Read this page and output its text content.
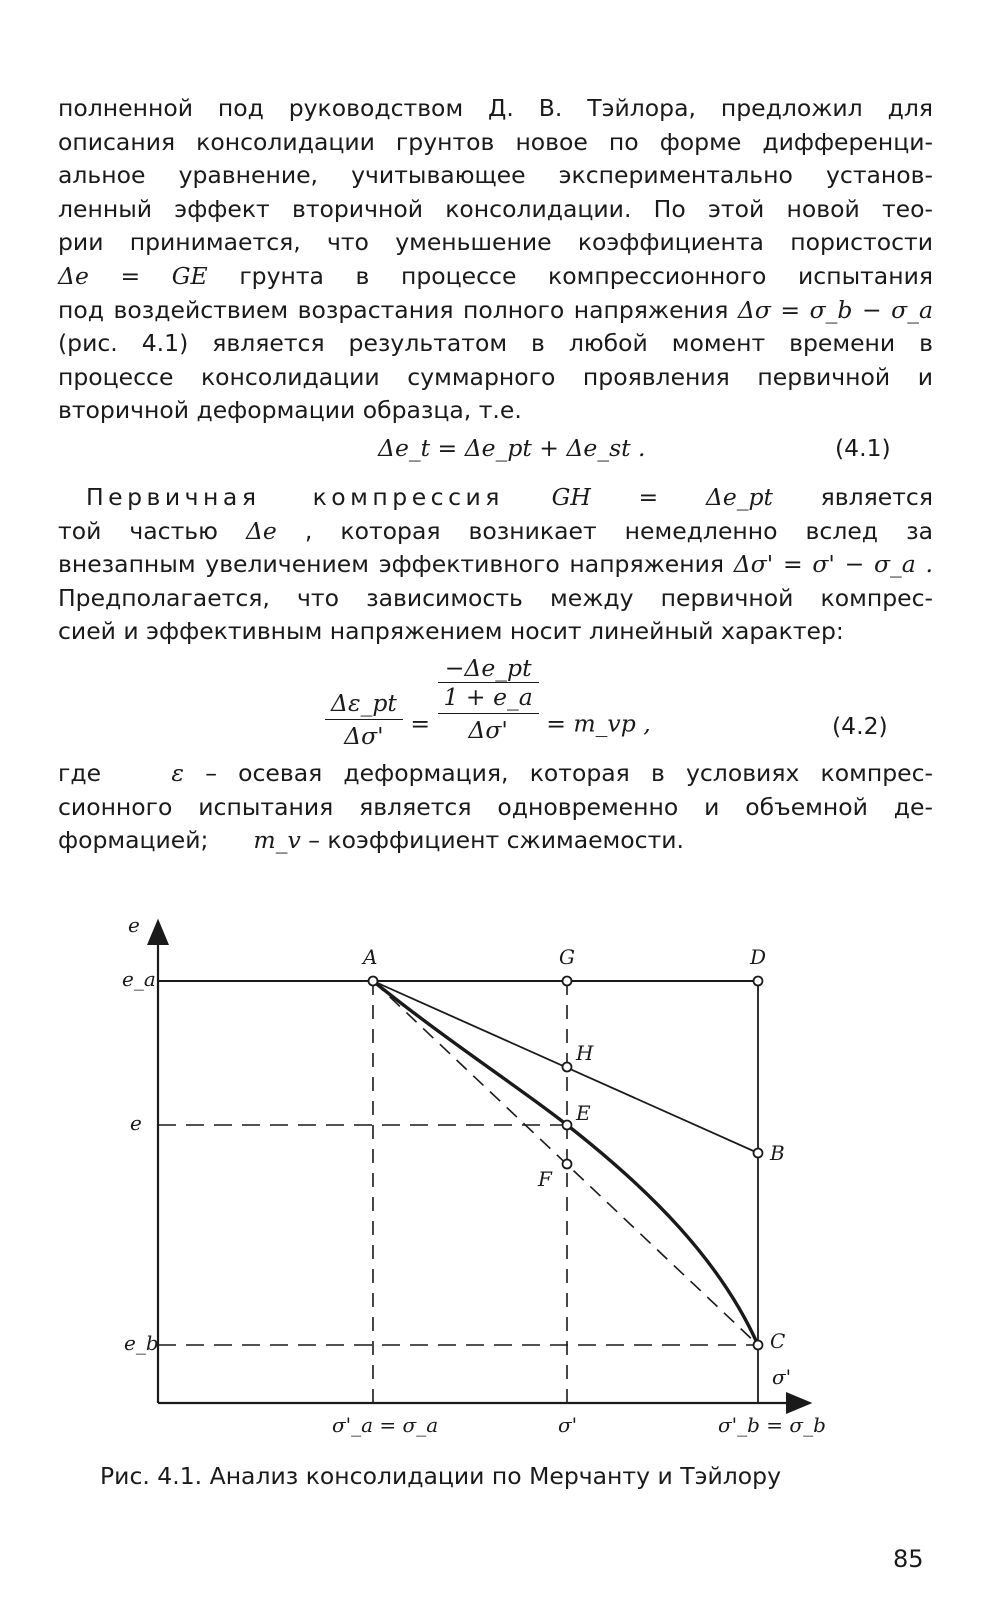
полненной под руководством Д. В. Тэйлора, предложил для
описания консолидации грунтов новое по форме дифференци-
альное уравнение, учитывающее экспериментально установ-
ленный эффект вторичной консолидации. По этой новой тео-
рии принимается, что уменьшение коэффициента пористости
Δe = GE грунта в процессе компрессионного испытания
под воздействием возрастания полного напряжения Δσ = σ_b − σ_a
(рис. 4.1) является результатом в любой момент времени в
процессе консолидации суммарного проявления первичной и
вторичной деформации образца, т.е.
Δe_t = Δe_pt + Δe_st .	(4.1)
Первичная компрессия GH = Δe_pt является
той частью Δe , которая возникает немедленно вслед за
внезапным увеличением эффективного напряжения Δσ' = σ' − σ_a .
Предполагается, что зависимость между первичной компрес-
сией и эффективным напряжением носит линейный характер:
$\frac{\Delta\varepsilon\_pt}{\Delta\sigma'}$ =
−Δe_pt
1 + e_a
Δσ'	= m_vp ,	(4.2)
где	ε – осевая деформация, которая в условиях компрес-
сионного испытания является одновременно и объемной де-
формацией; m_v – коэффициент сжимаемости.
e
e_a
e
e_b
σ'_a = σ_a	σ'	σ'_b = σ_b
A	G	D
H
E
F
B
C
σ'
Рис. 4.1. Анализ консолидации по Мерчанту и Тэйлору
85
